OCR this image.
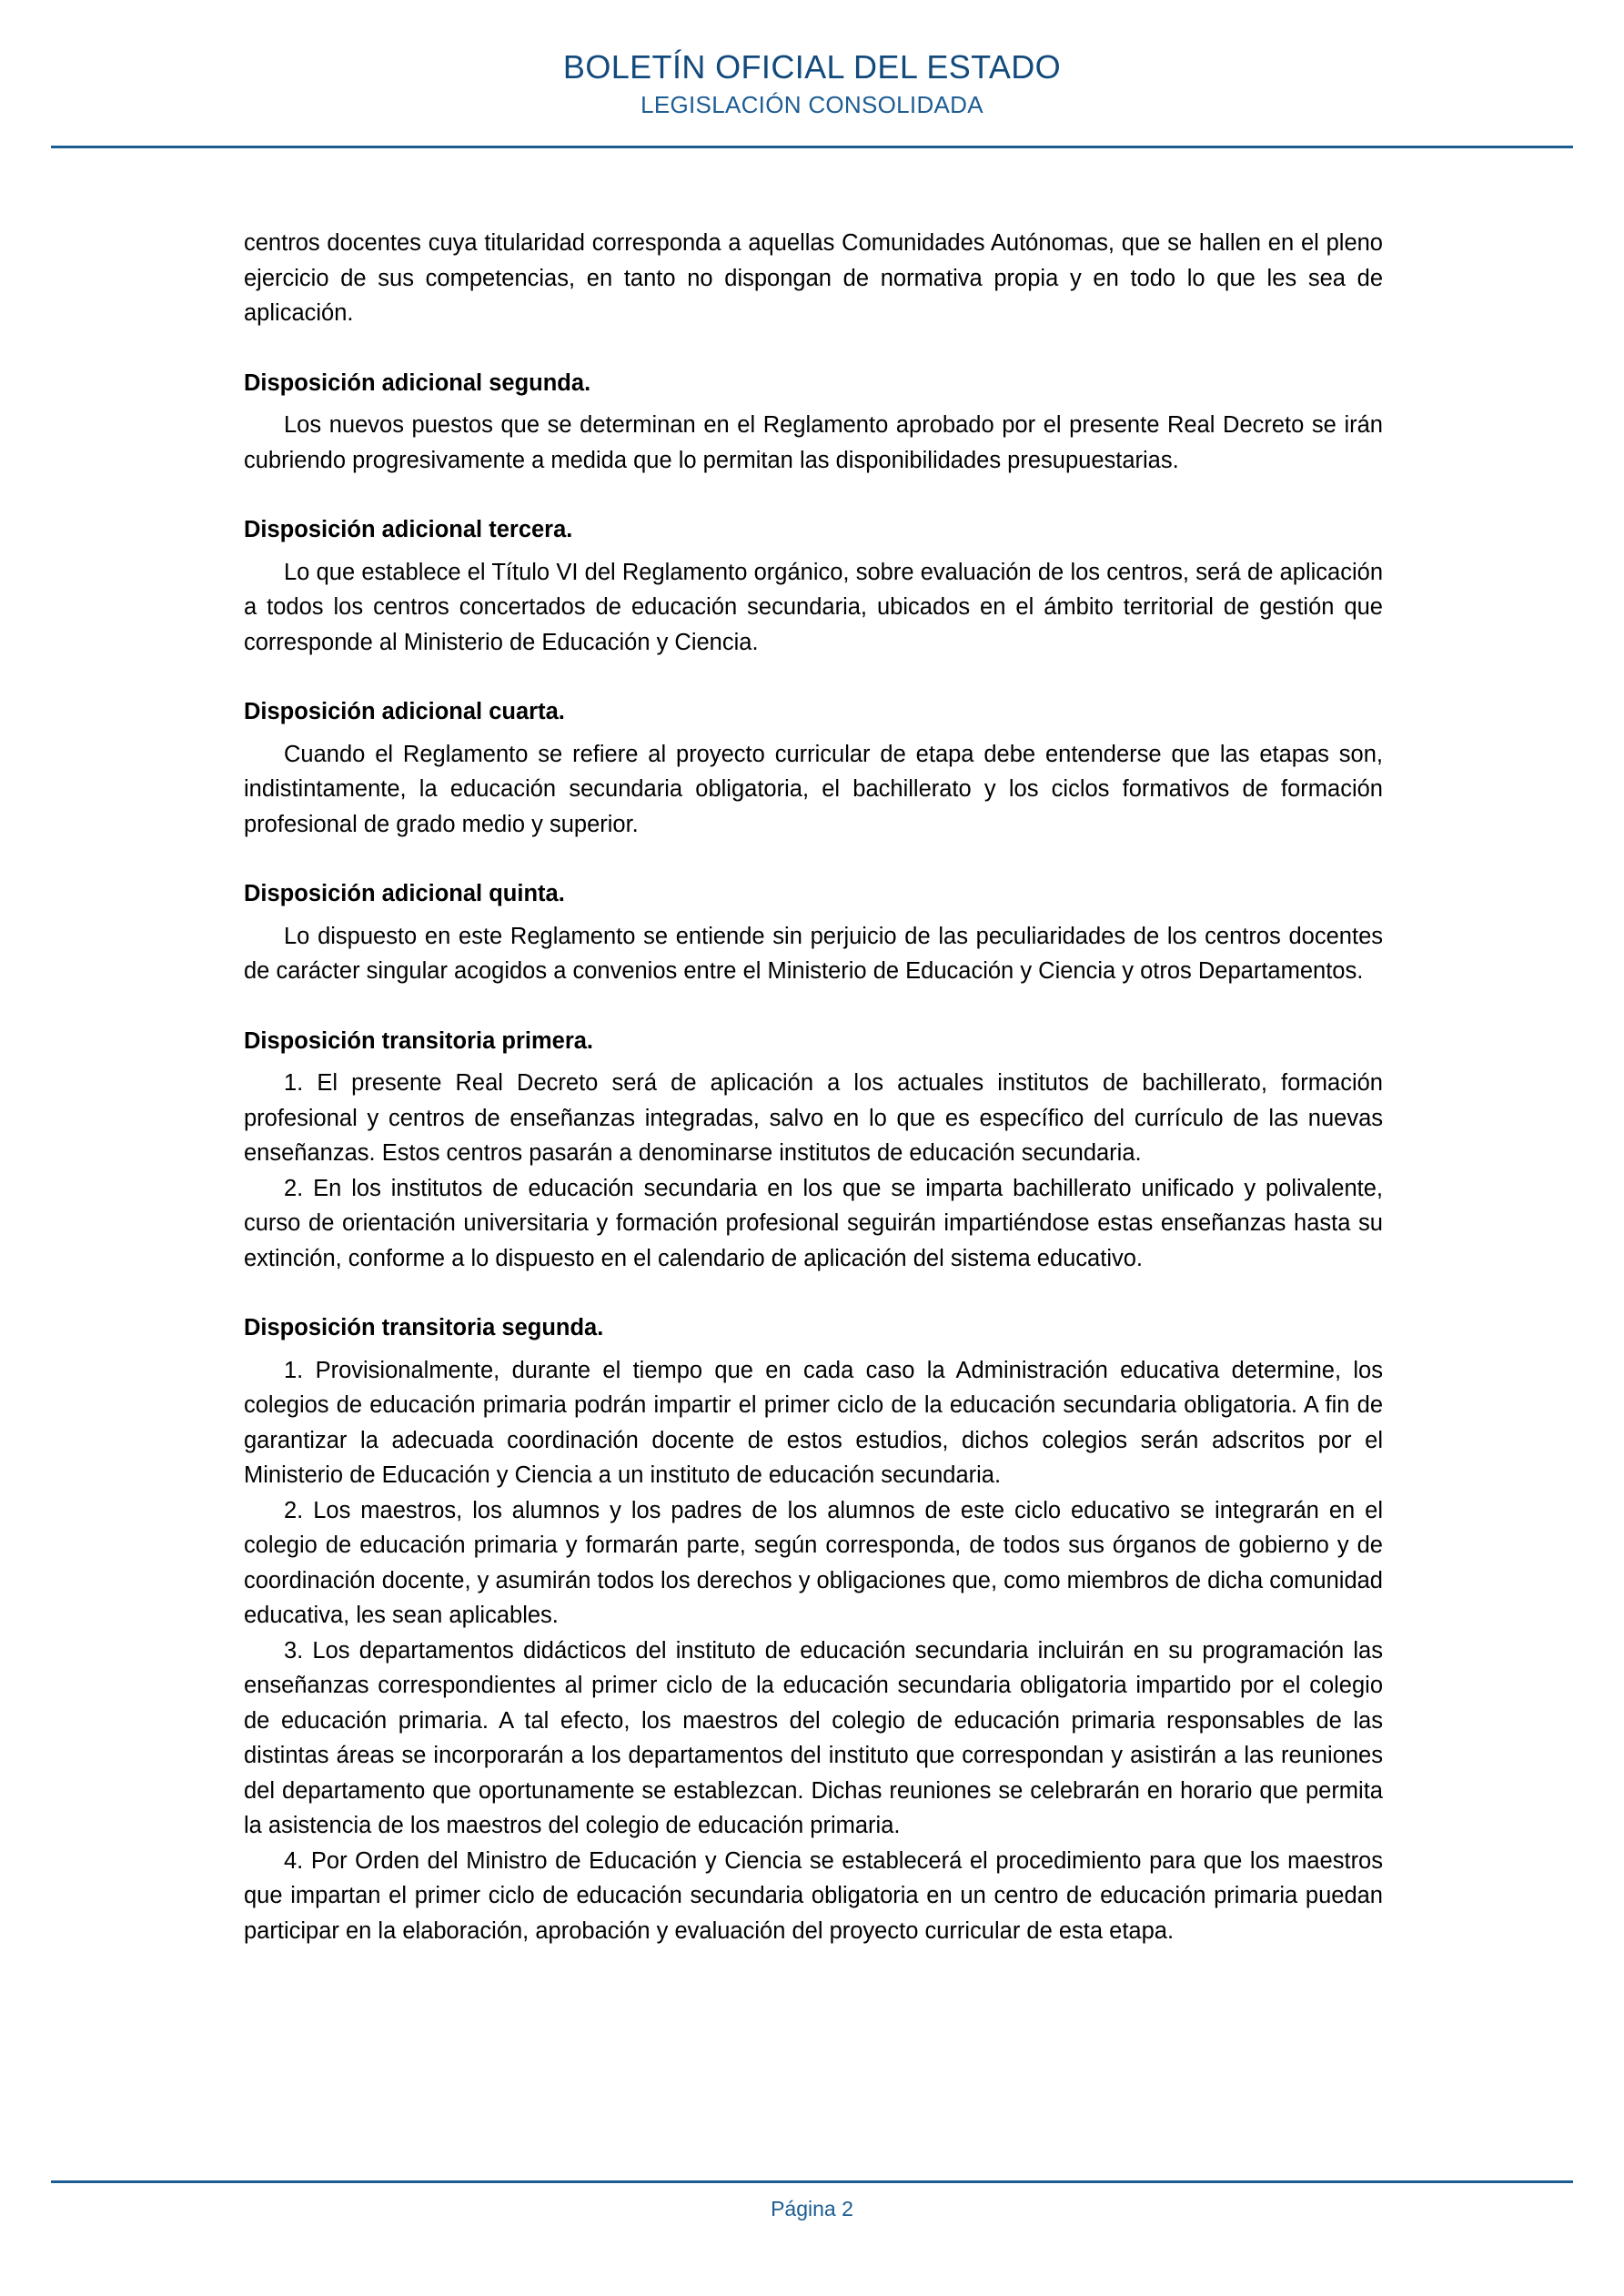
BOLETÍN OFICIAL DEL ESTADO
LEGISLACIÓN CONSOLIDADA

centros docentes cuya titularidad corresponda a aquellas Comunidades Autónomas, que se hallen en el pleno ejercicio de sus competencias, en tanto no dispongan de normativa propia y en todo lo que les sea de aplicación.

Disposición adicional segunda.

Los nuevos puestos que se determinan en el Reglamento aprobado por el presente Real Decreto se irán cubriendo progresivamente a medida que lo permitan las disponibilidades presupuestarias.

Disposición adicional tercera.

Lo que establece el Título VI del Reglamento orgánico, sobre evaluación de los centros, será de aplicación a todos los centros concertados de educación secundaria, ubicados en el ámbito territorial de gestión que corresponde al Ministerio de Educación y Ciencia.

Disposición adicional cuarta.

Cuando el Reglamento se refiere al proyecto curricular de etapa debe entenderse que las etapas son, indistintamente, la educación secundaria obligatoria, el bachillerato y los ciclos formativos de formación profesional de grado medio y superior.

Disposición adicional quinta.

Lo dispuesto en este Reglamento se entiende sin perjuicio de las peculiaridades de los centros docentes de carácter singular acogidos a convenios entre el Ministerio de Educación y Ciencia y otros Departamentos.

Disposición transitoria primera.

1. El presente Real Decreto será de aplicación a los actuales institutos de bachillerato, formación profesional y centros de enseñanzas integradas, salvo en lo que es específico del currículo de las nuevas enseñanzas. Estos centros pasarán a denominarse institutos de educación secundaria.

2. En los institutos de educación secundaria en los que se imparta bachillerato unificado y polivalente, curso de orientación universitaria y formación profesional seguirán impartiéndose estas enseñanzas hasta su extinción, conforme a lo dispuesto en el calendario de aplicación del sistema educativo.

Disposición transitoria segunda.

1. Provisionalmente, durante el tiempo que en cada caso la Administración educativa determine, los colegios de educación primaria podrán impartir el primer ciclo de la educación secundaria obligatoria. A fin de garantizar la adecuada coordinación docente de estos estudios, dichos colegios serán adscritos por el Ministerio de Educación y Ciencia a un instituto de educación secundaria.

2. Los maestros, los alumnos y los padres de los alumnos de este ciclo educativo se integrarán en el colegio de educación primaria y formarán parte, según corresponda, de todos sus órganos de gobierno y de coordinación docente, y asumirán todos los derechos y obligaciones que, como miembros de dicha comunidad educativa, les sean aplicables.

3. Los departamentos didácticos del instituto de educación secundaria incluirán en su programación las enseñanzas correspondientes al primer ciclo de la educación secundaria obligatoria impartido por el colegio de educación primaria. A tal efecto, los maestros del colegio de educación primaria responsables de las distintas áreas se incorporarán a los departamentos del instituto que correspondan y asistirán a las reuniones del departamento que oportunamente se establezcan. Dichas reuniones se celebrarán en horario que permita la asistencia de los maestros del colegio de educación primaria.

4. Por Orden del Ministro de Educación y Ciencia se establecerá el procedimiento para que los maestros que impartan el primer ciclo de educación secundaria obligatoria en un centro de educación primaria puedan participar en la elaboración, aprobación y evaluación del proyecto curricular de esta etapa.

Página 2
